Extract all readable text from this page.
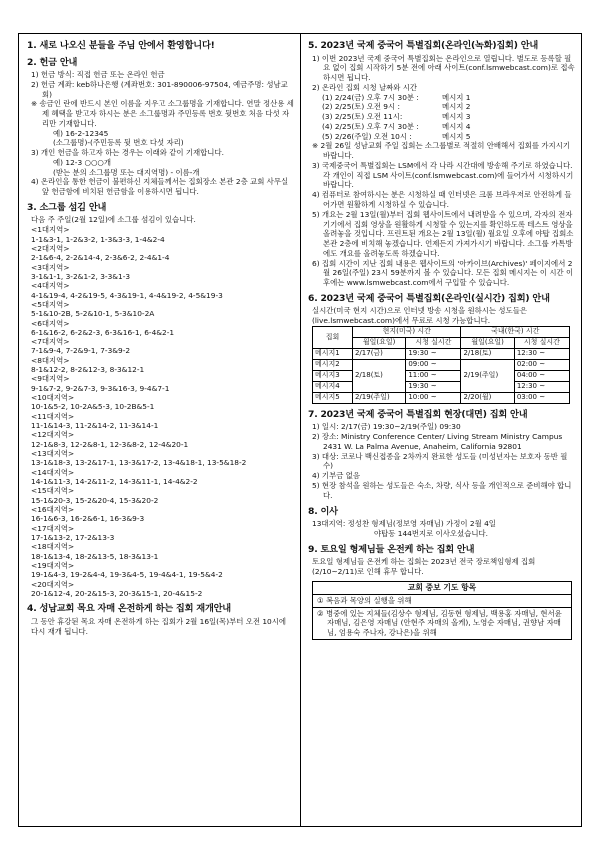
1. 새로 나오신 분들을 주님 안에서 환영합니다!
2. 헌금 안내
1) 헌금 방식: 직접 헌금 또는 온라인 헌금
2) 헌금 계좌: keb하나은행 (계좌번호: 301-890006-97504, 예금주명: 성남교회)
※ 송금인 란에 반드시 본인 이름을 지우고 소그룹명을 기재합니다. 연말 정산용 세제 혜택을 받고자 하시는 분은 소그룹명과 주민등록 번호 뒷번호 처음 다섯 자리만 기재합니다.
예) 16-2-12345
(소그룹명)-(주민등록 뒷 번호 다섯 자리)
3) 개인 헌금을 하고자 하는 경우는 이래와 같이 기재합니다.
예) 12-3 ○○○개
(받는 분의 소그룹명 또는 대지역명) - 이름-개
4) 온라인을 통한 헌금이 불편하신 지체들께서는 집회장소 본관 2층 교회 사무실 앞 헌금함에 비치된 헌금함을 이용하시면 됩니다.
3. 소그룹 섬김 안내
다음 주 주일(2월 12일)에 소그룹 섬김이 있습니다.
<1대지역>
1-1&3-1, 1-2&3-2, 1-3&3-3, 1-4&2-4
<2대지역>
2-1&6-4, 2-2&14-4, 2-3&6-2, 2-4&1-4
<3대지역>
3-1&1-1, 3-2&1-2, 3-3&1-3
<4대지역>
4-1&19-4, 4-2&19-5, 4-3&19-1, 4-4&19-2, 4-5&19-3
<5대지역>
5-1&10-2B, 5-2&10-1, 5-3&10-2A
<6대지역>
6-1&16-2, 6-2&2-3, 6-3&16-1, 6-4&2-1
<7대지역>
7-1&9-4, 7-2&9-1, 7-3&9-2
<8대지역>
8-1&12-2, 8-2&12-3, 8-3&12-1
<9대지역>
9-1&7-2, 9-2&7-3, 9-3&16-3, 9-4&7-1
<10대지역>
10-1&5-2, 10-2A&5-3, 10-2B&5-1
<11대지역>
11-1&14-3, 11-2&14-2, 11-3&14-1
<12대지역>
12-1&8-3, 12-2&8-1, 12-3&8-2, 12-4&20-1
<13대지역>
13-1&18-3, 13-2&17-1, 13-3&17-2, 13-4&18-1, 13-5&18-2
<14대지역>
14-1&11-3, 14-2&11-2, 14-3&11-1, 14-4&2-2
<15대지역>
15-1&20-3, 15-2&20-4, 15-3&20-2
<16대지역>
16-1&6-3, 16-2&6-1, 16-3&9-3
<17대지역>
17-1&13-2, 17-2&13-3
<18대지역>
18-1&13-4, 18-2&13-5, 18-3&13-1
<19대지역>
19-1&4-3, 19-2&4-4, 19-3&4-5, 19-4&4-1, 19-5&4-2
<20대지역>
20-1&12-4, 20-2&15-3, 20-3&15-1, 20-4&15-2
4. 성남교회 목요 자매 온전하게 하는 집회 재개안내
그 동안 휴강된 목요 자매 온전하게 하는 집회가 2월 16일(목)부터 오전 10시에 다시 재개 됩니다.
5. 2023년 국제 중국어 특별집회(온라인(녹화)집회) 안내
1) 이번 2023년 국제 중국어 특별집회는 온라인으로 열립니다. 별도로 등록할 필요 없이 집회 시작하기 5분 전에 아래 사이트(conf.lsmwebcast.com)로 접속하시면 됩니다.
2) 온라인 집회 시청 날짜와 시간
(1) 2/24(금) 오후 7시 30분 :	메시지 1
(2) 2/25(토) 오전 9시 :	메시지 2
(3) 2/25(토) 오전 11시:	메시지 3
(4) 2/25(토) 오후 7시 30분 :	메시지 4
(5) 2/26(주일) 오전 10시 :	메시지 5
※ 2월 26일 성남교회 주일 집회는 소그룹별로 적절히 안배해서 집회를 가지시기 바랍니다.
3) 국제중국어 특별집회는 LSM에서 각 나라 시간대에 방송해 주기로 하였습니다. 각 개인이 직접 LSM 사이트(conf.lsmwebcast.com)에 들어가서 시청하시기 바랍니다.
4) 컴퓨터로 참여하시는 분은 시청하실 때 인터넷은 크롬 브라우저로 안전하게 들어가면 원활하게 시청하실 수 있습니다.
5) 개요는 2월 13일(월)부터 집회 웹사이트에서 내려받을 수 있으며, 각자의 전자 기기에서 집회 영상을 원활하게 시청할 수 있는지를 확인하도록 테스트 영상을 올려놓을 것입니다. 프린트된 개요는 2월 13일(월) 월요일 오후에 야탑 집회소 본관 2층에 비치해 놓겠습니다. 언제든지 가져가시기 바랍니다. 소그룹 카톡방에도 개요를 올려놓도록 하겠습니다.
6) 집회 시간이 지난 집회 내용은 웹사이트의 '아카이브(Archives)' 페이지에서 2월 26일(주일) 23시 59분까지 볼 수 있습니다. 모든 집회 메시지는 이 시간 이후에는 www.lsmwebcast.com에서 구입할 수 있습니다.
6. 2023년 국제 중국어 특별집회(온라인(실시간) 집회) 안내
실시간(미국 현지 시간)으로 인터넷 방송 시청을 원하시는 성도들은 (live.lsmwebcast.com)에서 무료로 시청 가능합니다.
집회	현지(미국) 시간		국내(한국) 시간	
	월일(요일)	시청 실시간	월일(요일)	시청 실시간
메시지1	2/17(금)	19:30 ~	2/18(토)	12:30 ~
메시지2	2/18(토)	09:00 ~	2/19(주일)	02:00 ~
메시지3		11:00 ~		04:00 ~
메시지4		19:30 ~		12:30 ~
메시지5	2/19(주일)	10:00 ~	2/20(월)	03:00 ~
7. 2023년 국제 중국어 특별집회 현장(대면) 집회 안내
1) 일시: 2/17(금) 19:30~2/19(주일) 09:30
2) 장소: Ministry Conference Center/ Living Stream Ministry Campus 2431 W. La Palma Avenue, Anaheim, California 92801
3) 대상: 코로나 백신접종을 2차까지 완료한 성도들 (미성년자는 보호자 동반 필수)
4) 기부금 없음
5) 현장 참석을 원하는 성도들은 숙소, 차량, 식사 등을 개인적으로 준비해야 합니다.
8. 이사
13대지역: 정성찬 형제님(정보영 자매님) 가정이 2월 4일
야탑동 144번지로 이사오셨습니다.
9. 토요일 형제님들 온전케 하는 집회 안내
토요일 형제님들 온전케 하는 집회는 2023년 전국 장로책임형제 집회(2/10~2/11)로 인해 휴무 합니다.
교회 중보 기도 항목
① 복음과 목양의 실행을 위해
② 병중에 있는 지체들(김상수 형제님, 김동현 형제님, 백용홍 자매님, 현서윤 자매님, 김은영 자매님 (안현주 자매의 올케), 노영순 자매님, 권향남 자매님, 엄용숙 주나자, 강나은)을 위해
